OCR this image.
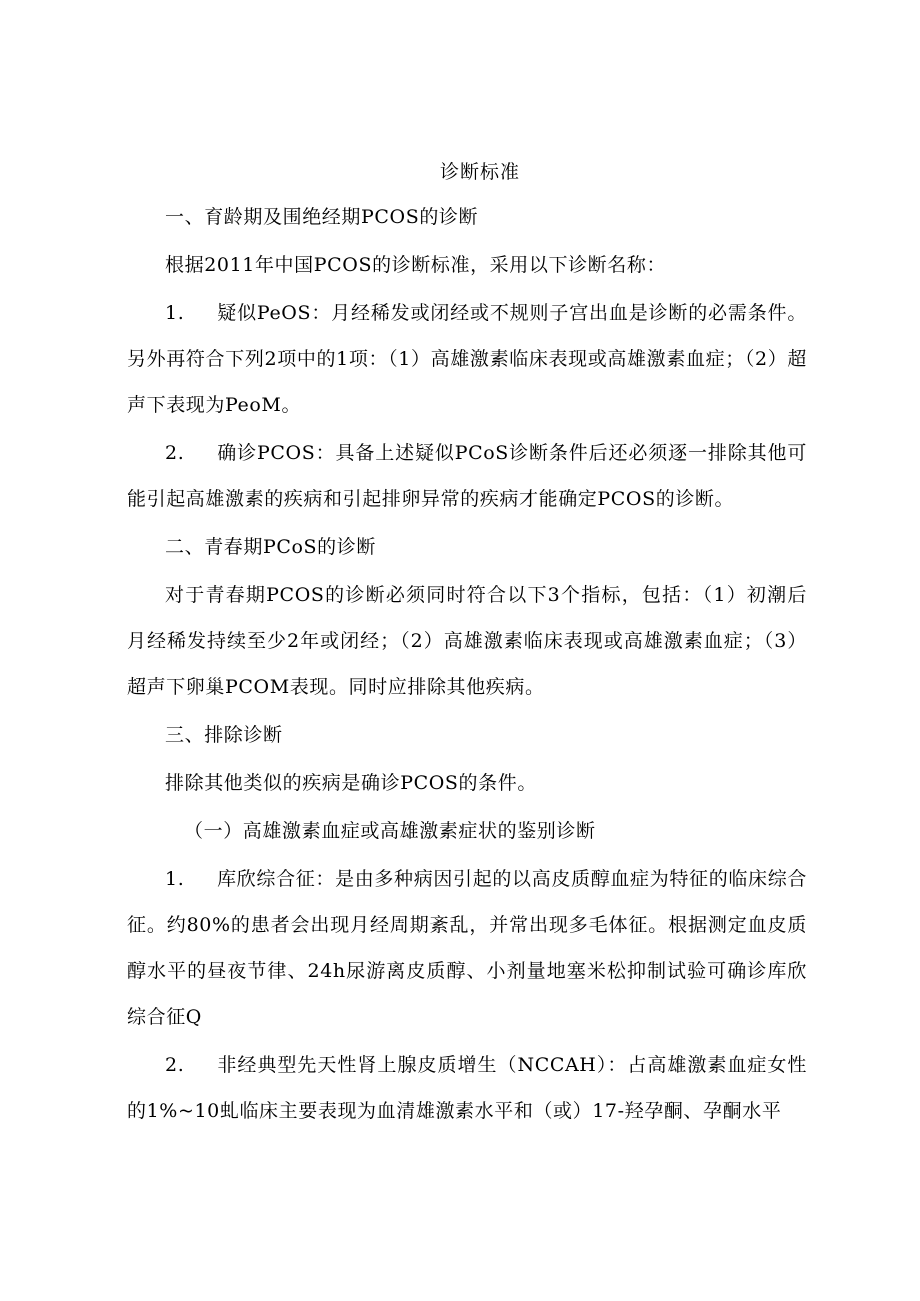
诊断标准

一、育龄期及围绝经期PCOS的诊断

根据2011年中国PCOS的诊断标准，采用以下诊断名称：

1. 疑似PeOS：月经稀发或闭经或不规则子宫出血是诊断的必需条件。另外再符合下列2项中的1项：（1）高雄激素临床表现或高雄激素血症；（2）超声下表现为PeoM。

2. 确诊PCOS：具备上述疑似PCoS诊断条件后还必须逐一排除其他可能引起高雄激素的疾病和引起排卵异常的疾病才能确定PCOS的诊断。

二、青春期PCoS的诊断

对于青春期PCOS的诊断必须同时符合以下3个指标，包括：（1）初潮后月经稀发持续至少2年或闭经；（2）高雄激素临床表现或高雄激素血症；（3）超声下卵巢PCOM表现。同时应排除其他疾病。

三、排除诊断

排除其他类似的疾病是确诊PCOS的条件。

（一）高雄激素血症或高雄激素症状的鉴别诊断

1. 库欣综合征：是由多种病因引起的以高皮质醇血症为特征的临床综合征。约80%的患者会出现月经周期紊乱，并常出现多毛体征。根据测定血皮质醇水平的昼夜节律、24h尿游离皮质醇、小剂量地塞米松抑制试验可确诊库欣综合征Q

2. 非经典型先天性肾上腺皮质增生（NCCAH）：占高雄激素血症女性的1%~10虬临床主要表现为血清雄激素水平和（或）17-羟孕酮、孕酮水平
